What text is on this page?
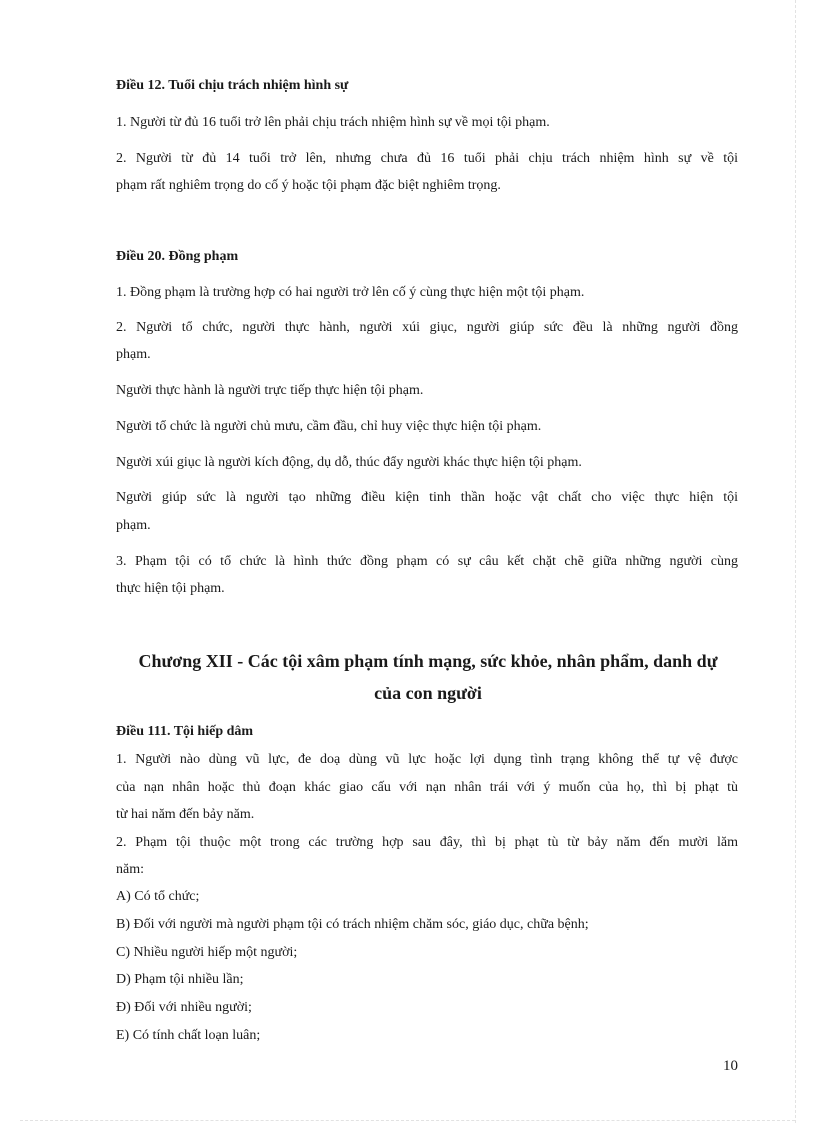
Điều 12. Tuổi chịu trách nhiệm hình sự
1. Người từ đủ 16 tuổi trở lên phải chịu trách nhiệm hình sự về mọi tội phạm.
2. Người từ đủ 14 tuổi trở lên, nhưng chưa đủ 16 tuổi phải chịu trách nhiệm hình sự về tội
phạm rất nghiêm trọng do cố ý hoặc tội phạm đặc biệt nghiêm trọng.
Điều 20. Đồng phạm
1. Đồng phạm là trường hợp có hai người trở lên cố ý cùng thực hiện một tội phạm.
2. Người tổ chức, người thực hành, người xúi giục, người giúp sức đều là những người đồng
phạm.
Người thực hành là người trực tiếp thực hiện tội phạm.
Người tổ chức là người chủ mưu, cầm đầu, chỉ huy việc thực hiện tội phạm.
Người xúi giục là người kích động, dụ dỗ, thúc đẩy người khác thực hiện tội phạm.
Người giúp sức là người tạo những điều kiện tinh thần hoặc vật chất cho việc thực hiện tội
phạm.
3. Phạm tội có tổ chức là hình thức đồng phạm có sự câu kết chặt chẽ giữa những người cùng
thực hiện tội phạm.
Chương XII - Các tội xâm phạm tính mạng, sức khỏe, nhân phẩm, danh dự
của con người
Điều 111. Tội hiếp dâm
1. Người nào dùng vũ lực, đe doạ dùng vũ lực hoặc lợi dụng tình trạng không thể tự vệ được
của nạn nhân hoặc thủ đoạn khác giao cấu với nạn nhân trái với ý muốn của họ, thì bị phạt tù
từ hai năm đến bảy năm.
2. Phạm tội thuộc một trong các trường hợp sau đây, thì bị phạt tù từ bảy năm đến mười lăm
năm:
A) Có tổ chức;
B) Đối với người mà người phạm tội có trách nhiệm chăm sóc, giáo dục, chữa bệnh;
C) Nhiều người hiếp một người;
D) Phạm tội nhiều lần;
Đ) Đối với nhiều người;
E) Có tính chất loạn luân;
10
